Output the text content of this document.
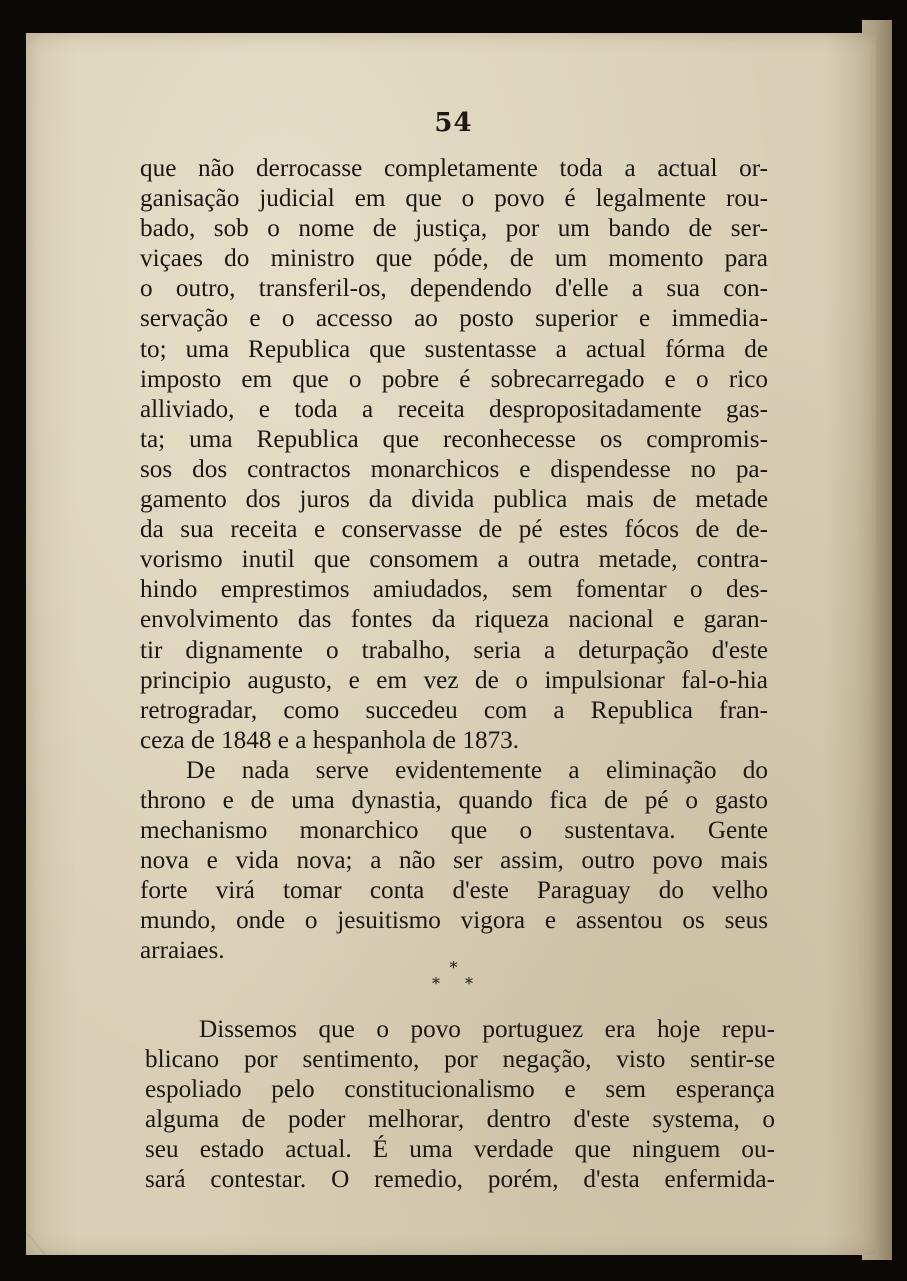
54
que não derrocasse completamente toda a actual or-
ganisação judicial em que o povo é legalmente rou-
bado, sob o nome de justiça, por um bando de ser-
viçaes do ministro que póde, de um momento para
o outro, transferil-os, dependendo d'elle a sua con-
servação e o accesso ao posto superior e immedia-
to; uma Republica que sustentasse a actual fórma de
imposto em que o pobre é sobrecarregado e o rico
alliviado, e toda a receita despropositadamente gas-
ta; uma Republica que reconhecesse os compromis-
sos dos contractos monarchicos e dispendesse no pa-
gamento dos juros da divida publica mais de metade
da sua receita e conservasse de pé estes fócos de de-
vorismo inutil que consomem a outra metade, contra-
hindo emprestimos amiudados, sem fomentar o des-
envolvimento das fontes da riqueza nacional e garan-
tir dignamente o trabalho, seria a deturpação d'este
principio augusto, e em vez de o impulsionar fal-o-hia
retrogradar, como succedeu com a Republica fran-
ceza de 1848 e a hespanhola de 1873.
De nada serve evidentemente a eliminação do
throno e de uma dynastia, quando fica de pé o gasto
mechanismo monarchico que o sustentava. Gente
nova e vida nova; a não ser assim, outro povo mais
forte virá tomar conta d'este Paraguay do velho
mundo, onde o jesuitismo vigora e assentou os seus
arraiaes.
*
* *
Dissemos que o povo portuguez era hoje repu-
blicano por sentimento, por negação, visto sentir-se
espoliado pelo constitucionalismo e sem esperança
alguma de poder melhorar, dentro d'este systema, o
seu estado actual. É uma verdade que ninguem ou-
sará contestar. O remedio, porém, d'esta enfermida-
